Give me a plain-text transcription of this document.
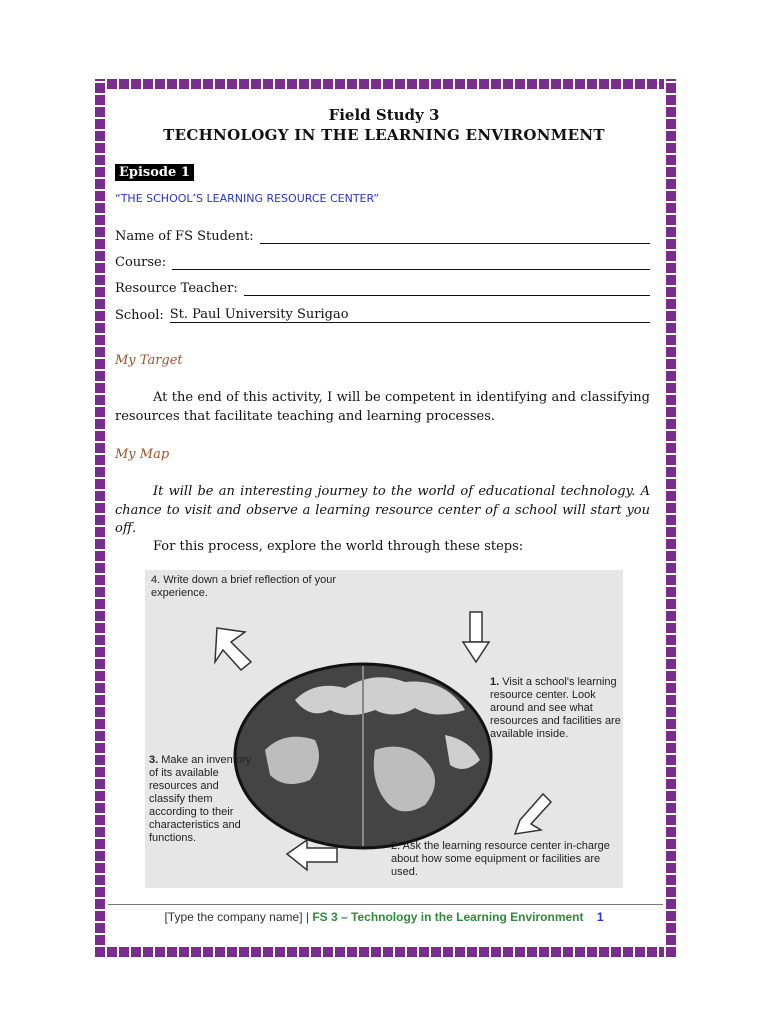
Field Study 3
TECHNOLOGY IN THE LEARNING ENVIRONMENT
Episode 1
“THE SCHOOL’S LEARNING RESOURCE CENTER”
Name of FS Student:
Course:
Resource Teacher:
School: St. Paul University Surigao
My Target

At the end of this activity, I will be competent in identifying and classifying resources that facilitate teaching and learning processes.

My Map

It will be an interesting journey to the world of educational technology. A chance to visit and observe a learning resource center of a school will start you off.

For this process, explore the world through these steps:

4. Write down a brief reflection of your experience.
1. Visit a school's learning resource center. Look around and see what resources and facilities are available inside.
3. Make an inventory of its available resources and classify them according to their characteristics and functions.
2. Ask the learning resource center in-charge about how some equipment or facilities are used.
[Type the company name] | FS 3 – Technology in the Learning Environment 1
